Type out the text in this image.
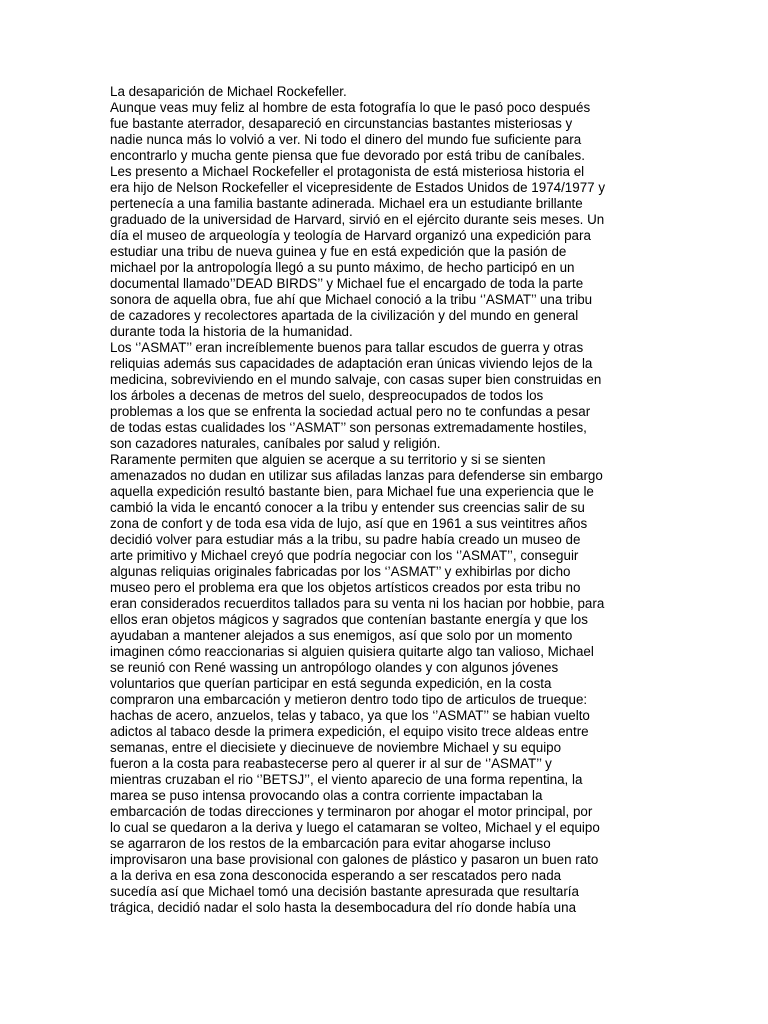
La desaparición de Michael Rockefeller.

Aunque veas muy feliz al hombre de esta fotografía lo que le pasó poco después

fue bastante aterrador, desapareció en circunstancias bastantes misteriosas y

nadie nunca más lo volvió a ver. Ni todo el dinero del mundo fue suficiente para

encontrarlo y mucha gente piensa que fue devorado por está tribu de caníbales.

Les presento a Michael Rockefeller el protagonista de está misteriosa historia el

era hijo de Nelson Rockefeller el vicepresidente de Estados Unidos de 1974/1977 y

pertenecía a una familia bastante adinerada. Michael era un estudiante brillante

graduado de la universidad de Harvard, sirvió en el ejército durante seis meses. Un

día el museo de arqueología y teología de Harvard organizó una expedición para

estudiar una tribu de nueva guinea y fue en está expedición que la pasión de

michael por la antropología llegó a su punto máximo, de hecho participó en un

documental llamado’’DEAD BIRDS’’ y Michael fue el encargado de toda la parte

sonora de aquella obra, fue ahí que Michael conoció a la tribu ‘’ASMAT’’ una tribu

de cazadores y recolectores apartada de la civilización y del mundo en general

durante toda la historia de la humanidad.

Los ‘’ASMAT’’ eran increíblemente buenos para tallar escudos de guerra y otras

reliquias además sus capacidades de adaptación eran únicas viviendo lejos de la

medicina, sobreviviendo en el mundo salvaje, con casas super bien construidas en

los árboles a decenas de metros del suelo, despreocupados de todos los

problemas a los que se enfrenta la sociedad actual pero no te confundas a pesar

de todas estas cualidades los ‘’ASMAT’’ son personas extremadamente hostiles,

son cazadores naturales, caníbales por salud y religión.

Raramente permiten que alguien se acerque a su territorio y si se sienten

amenazados no dudan en utilizar sus afiladas lanzas para defenderse sin embargo

aquella expedición resultó bastante bien, para Michael fue una experiencia que le

cambió la vida le encantó conocer a la tribu y entender sus creencias salir de su

zona de confort y de toda esa vida de lujo, así que en 1961 a sus veintitres años

decidió volver para estudiar más a la tribu, su padre había creado un museo de

arte primitivo y Michael creyó que podría negociar con los ‘’ASMAT’’, conseguir

algunas reliquias originales fabricadas por los ‘’ASMAT’’ y exhibirlas por dicho

museo pero el problema era que los objetos artísticos creados por esta tribu no

eran considerados recuerditos tallados para su venta ni los hacian por hobbie, para

ellos eran objetos mágicos y sagrados que contenían bastante energía y que los

ayudaban a mantener alejados a sus enemigos, así que solo por un momento

imaginen cómo reaccionarias si alguien quisiera quitarte algo tan valioso, Michael

se reunió con René wassing un antropólogo olandes y con algunos jóvenes

voluntarios que querían participar en está segunda expedición, en la costa

compraron una embarcación y metieron dentro todo tipo de articulos de trueque:

hachas de acero, anzuelos, telas y tabaco, ya que los ‘’ASMAT’’ se habian vuelto

adictos al tabaco desde la primera expedición, el equipo visito trece aldeas entre

semanas, entre el diecisiete y diecinueve de noviembre Michael y su equipo

fueron a la costa para reabastecerse pero al querer ir al sur de ‘’ASMAT’’ y

mientras cruzaban el rio ‘’BETSJ’’, el viento aparecio de una forma repentina, la

marea se puso intensa provocando olas a contra corriente impactaban la

embarcación de todas direcciones y terminaron por ahogar el motor principal, por

lo cual se quedaron a la deriva y luego el catamaran se volteo, Michael y el equipo

se agarraron de los restos de la embarcación para evitar ahogarse incluso

improvisaron una base provisional con galones de plástico y pasaron un buen rato

a la deriva en esa zona desconocida esperando a ser rescatados pero nada

sucedía así que Michael tomó una decisión bastante apresurada que resultaría

trágica, decidió nadar el solo hasta la desembocadura del río donde había una
